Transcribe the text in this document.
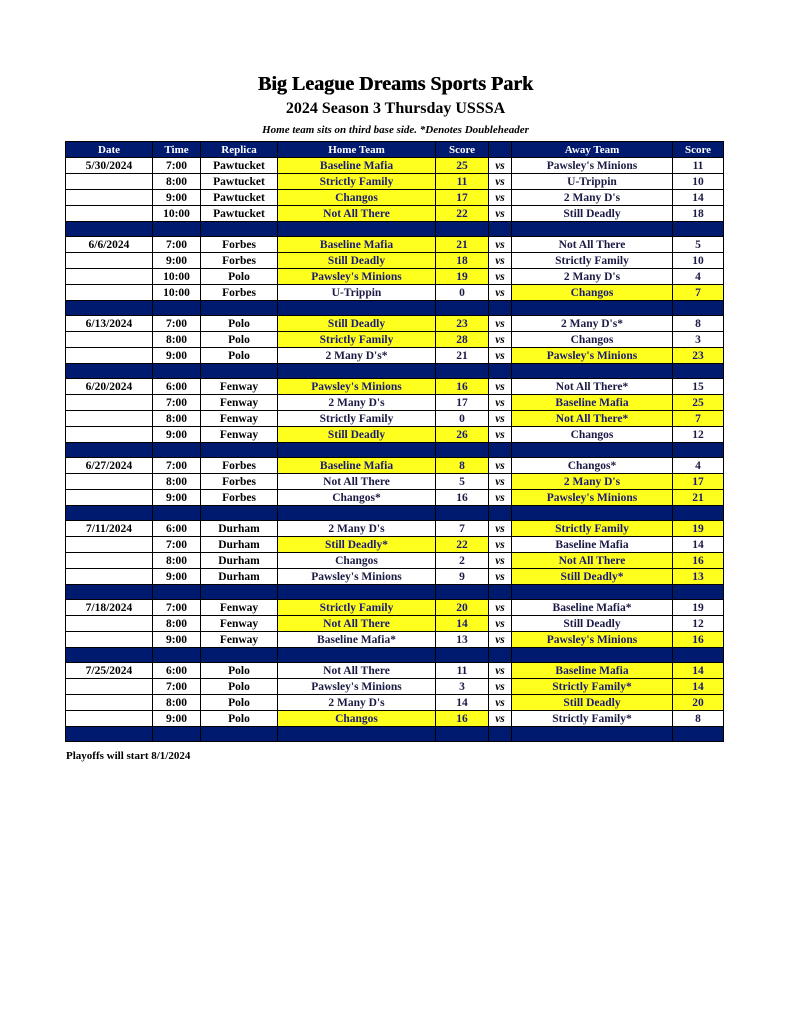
Big League Dreams Sports Park
2024 Season 3 Thursday USSSA
Home team sits on third base side. *Denotes Doubleheader
Date	Time	Replica	Home Team	Score		Away Team	Score
5/30/2024	7:00	Pawtucket	Baseline Mafia	25	vs	Pawsley's Minions	11
	8:00	Pawtucket	Strictly Family	11	vs	U-Trippin	10
	9:00	Pawtucket	Changos	17	vs	2 Many D's	14
	10:00	Pawtucket	Not All There	22	vs	Still Deadly	18

6/6/2024	7:00	Forbes	Baseline Mafia	21	vs	Not All There	5
	9:00	Forbes	Still Deadly	18	vs	Strictly Family	10
	10:00	Polo	Pawsley's Minions	19	vs	2 Many D's	4
	10:00	Forbes	U-Trippin	0	vs	Changos	7

6/13/2024	7:00	Polo	Still Deadly	23	vs	2 Many D's*	8
	8:00	Polo	Strictly Family	28	vs	Changos	3
	9:00	Polo	2 Many D's*	21	vs	Pawsley's Minions	23

6/20/2024	6:00	Fenway	Pawsley's Minions	16	vs	Not All There*	15
	7:00	Fenway	2 Many D's	17	vs	Baseline Mafia	25
	8:00	Fenway	Strictly Family	0	vs	Not All There*	7
	9:00	Fenway	Still Deadly	26	vs	Changos	12

6/27/2024	7:00	Forbes	Baseline Mafia	8	vs	Changos*	4
	8:00	Forbes	Not All There	5	vs	2 Many D's	17
	9:00	Forbes	Changos*	16	vs	Pawsley's Minions	21

7/11/2024	6:00	Durham	2 Many D's	7	vs	Strictly Family	19
	7:00	Durham	Still Deadly*	22	vs	Baseline Mafia	14
	8:00	Durham	Changos	2	vs	Not All There	16
	9:00	Durham	Pawsley's Minions	9	vs	Still Deadly*	13

7/18/2024	7:00	Fenway	Strictly Family	20	vs	Baseline Mafia*	19
	8:00	Fenway	Not All There	14	vs	Still Deadly	12
	9:00	Fenway	Baseline Mafia*	13	vs	Pawsley's Minions	16

7/25/2024	6:00	Polo	Not All There	11	vs	Baseline Mafia	14
	7:00	Polo	Pawsley's Minions	3	vs	Strictly Family*	14
	8:00	Polo	2 Many D's	14	vs	Still Deadly	20
	9:00	Polo	Changos	16	vs	Strictly Family*	8

Playoffs will start 8/1/2024
